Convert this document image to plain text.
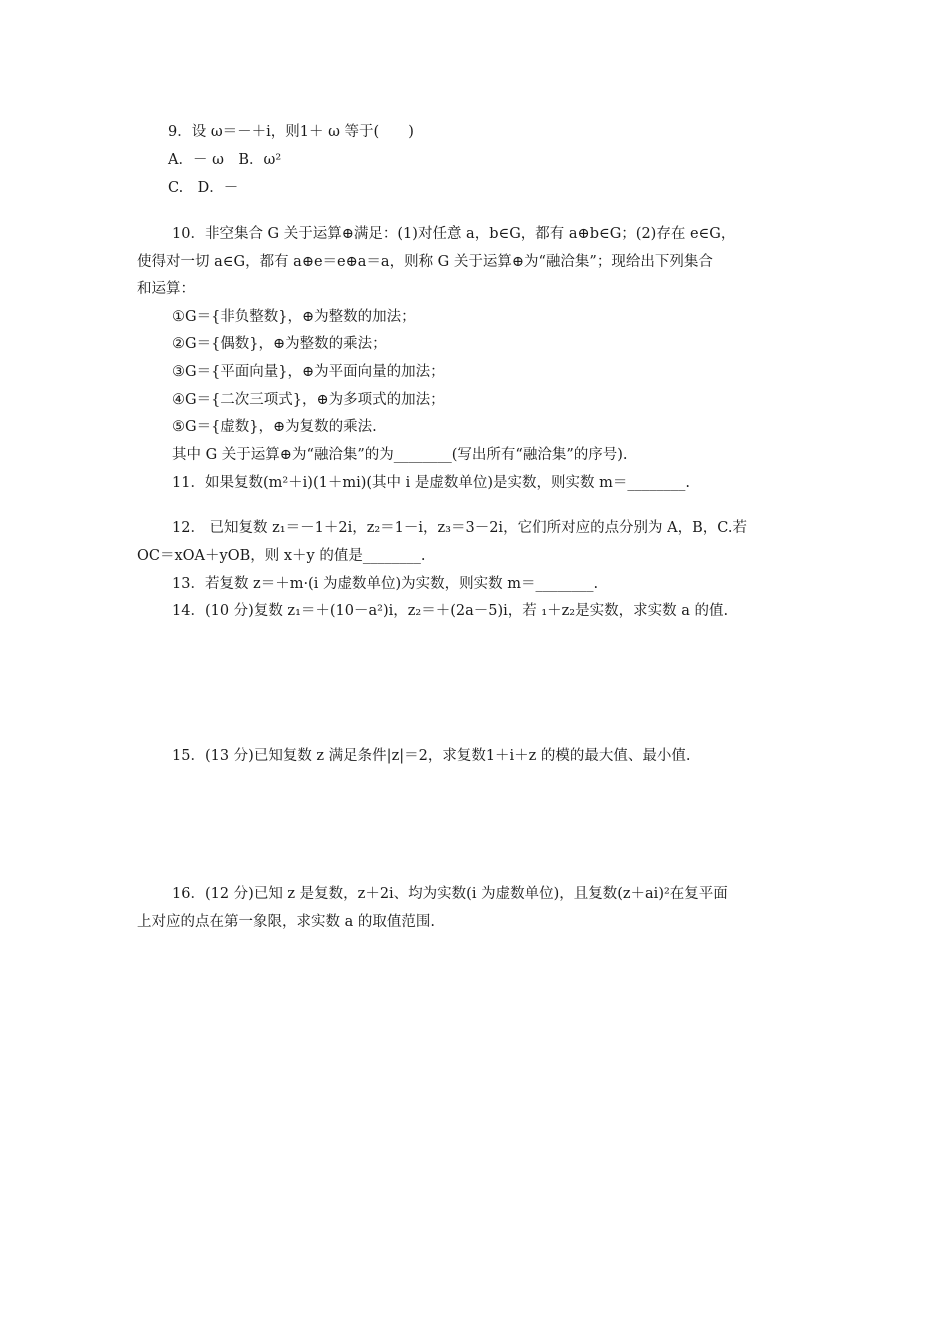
9．设 ω＝－＋i，则1＋ ω 等于(　　)
A．－ ω　B．ω²
C.　D．－
10．非空集合 G 关于运算⊕满足：(1)对任意 a，b∈G，都有 a⊕b∈G；(2)存在 e∈G，
使得对一切 a∈G，都有 a⊕e＝e⊕a＝a，则称 G 关于运算⊕为“融洽集”；现给出下列集合
和运算：
①G＝{非负整数}，⊕为整数的加法；
②G＝{偶数}，⊕为整数的乘法；
③G＝{平面向量}，⊕为平面向量的加法；
④G＝{二次三项式}，⊕为多项式的加法；
⑤G＝{虚数}，⊕为复数的乘法.
其中 G 关于运算⊕为“融洽集”的为________(写出所有“融洽集”的序号).
11．如果复数(m²＋i)(1＋mi)(其中 i 是虚数单位)是实数，则实数 m＝________.
12． 已知复数 z₁＝－1＋2i，z₂＝1－i，z₃＝3－2i，它们所对应的点分别为 A，B，C.若
OC＝xOA＋yOB，则 x＋y 的值是________.
13．若复数 z＝＋m·(i 为虚数单位)为实数，则实数 m＝________.
14．(10 分)复数 z₁＝＋(10－a²)i，z₂＝＋(2a－5)i，若 ₁＋z₂是实数，求实数 a 的值.
15．(13 分)已知复数 z 满足条件|z|＝2，求复数1＋i＋z 的模的最大值、最小值.
16．(12 分)已知 z 是复数，z＋2i、均为实数(i 为虚数单位)，且复数(z＋ai)²在复平面
上对应的点在第一象限，求实数 a 的取值范围.
